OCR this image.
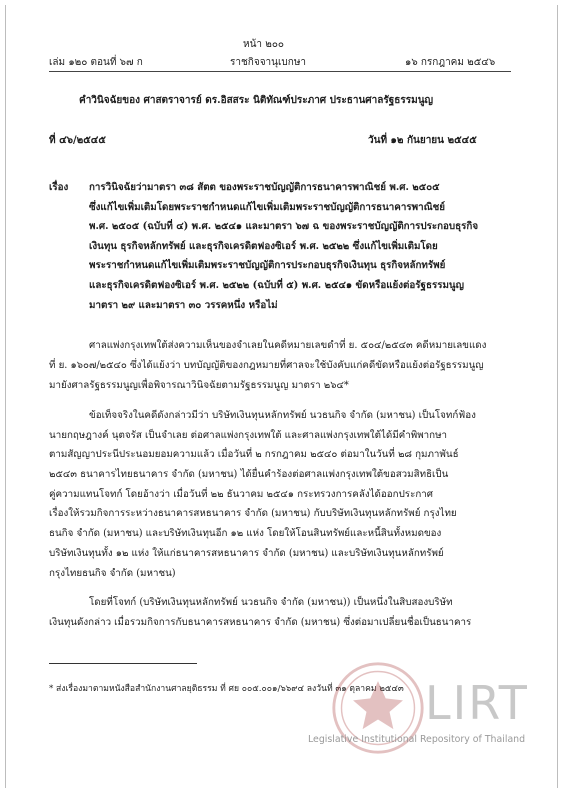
หน้า ๒๐๐
เล่ม ๑๒๐ ตอนที่ ๖๗ ก	ราชกิจจานุเบกษา	๑๖ กรกฎาคม ๒๕๔๖
คำวินิจฉัยของ ศาสตราจารย์ ดร.อิสสระ นิติทัณฑ์ประภาศ ประธานศาลรัฐธรรมนูญ
ที่ ๔๖/๒๕๔๕	วันที่ ๑๒ กันยายน ๒๕๔๕
เรื่อง การวินิจฉัยว่ามาตรา ๓๘ สัตต ของพระราชบัญญัติการธนาคารพาณิชย์ พ.ศ. ๒๕๐๕
ซึ่งแก้ไขเพิ่มเติมโดยพระราชกำหนดแก้ไขเพิ่มเติมพระราชบัญญัติการธนาคารพาณิชย์
พ.ศ. ๒๕๐๕ (ฉบับที่ ๔) พ.ศ. ๒๕๔๑ และมาตรา ๖๗ ฉ ของพระราชบัญญัติการประกอบธุรกิจ
เงินทุน ธุรกิจหลักทรัพย์ และธุรกิจเครดิตฟองซิเอร์ พ.ศ. ๒๕๒๒ ซึ่งแก้ไขเพิ่มเติมโดย
พระราชกำหนดแก้ไขเพิ่มเติมพระราชบัญญัติการประกอบธุรกิจเงินทุน ธุรกิจหลักทรัพย์
และธุรกิจเครดิตฟองซิเอร์ พ.ศ. ๒๕๒๒ (ฉบับที่ ๕) พ.ศ. ๒๕๔๑ ขัดหรือแย้งต่อรัฐธรรมนูญ
มาตรา ๒๙ และมาตรา ๓๐ วรรคหนึ่ง หรือไม่
ศาลแพ่งกรุงเทพใต้ส่งความเห็นของจำเลยในคดีหมายเลขดำที่ ย. ๕๐๔/๒๕๔๓ คดีหมายเลขแดง
ที่ ย. ๑๖๐๗/๒๕๔๐ ซึ่งได้แย้งว่า บทบัญญัติของกฎหมายที่ศาลจะใช้บังคับแก่คดีขัดหรือแย้งต่อรัฐธรรมนูญ
มายังศาลรัฐธรรมนูญเพื่อพิจารณาวินิจฉัยตามรัฐธรรมนูญ มาตรา ๒๖๔*
ข้อเท็จจริงในคดีดังกล่าวมีว่า บริษัทเงินทุนหลักทรัพย์ นวธนกิจ จำกัด (มหาชน) เป็นโจทก์ฟ้อง
นายกฤษฎางค์ นุตจรัส เป็นจำเลย ต่อศาลแพ่งกรุงเทพใต้ และศาลแพ่งกรุงเทพใต้ได้มีคำพิพากษา
ตามสัญญาประนีประนอมยอมความแล้ว เมื่อวันที่ ๒ กรกฎาคม ๒๕๔๐ ต่อมาในวันที่ ๒๘ กุมภาพันธ์
๒๕๔๓ ธนาคารไทยธนาคาร จำกัด (มหาชน) ได้ยื่นคำร้องต่อศาลแพ่งกรุงเทพใต้ขอสวมสิทธิเป็น
คู่ความแทนโจทก์ โดยอ้างว่า เมื่อวันที่ ๒๒ ธันวาคม ๒๕๔๑ กระทรวงการคลังได้ออกประกาศ
เรื่องให้รวมกิจการระหว่างธนาคารสหธนาคาร จำกัด (มหาชน) กับบริษัทเงินทุนหลักทรัพย์ กรุงไทย
ธนกิจ จำกัด (มหาชน) และบริษัทเงินทุนอีก ๑๒ แห่ง โดยให้โอนสินทรัพย์และหนี้สินทั้งหมดของ
บริษัทเงินทุนทั้ง ๑๒ แห่ง ให้แก่ธนาคารสหธนาคาร จำกัด (มหาชน) และบริษัทเงินทุนหลักทรัพย์
กรุงไทยธนกิจ จำกัด (มหาชน)
โดยที่โจทก์ (บริษัทเงินทุนหลักทรัพย์ นวธนกิจ จำกัด (มหาชน)) เป็นหนึ่งในสิบสองบริษัท
เงินทุนดังกล่าว เมื่อรวมกิจการกับธนาคารสหธนาคาร จำกัด (มหาชน) ซึ่งต่อมาเปลี่ยนชื่อเป็นธนาคาร
* ส่งเรื่องมาตามหนังสือสำนักงานศาลยุติธรรม ที่ ศย ๐๐๕.๐๐๑/๖๖๙๔ ลงวันที่ ๓๑ ตุลาคม ๒๕๔๓ LIRT
Legislative Institutional Repository of Thailand
